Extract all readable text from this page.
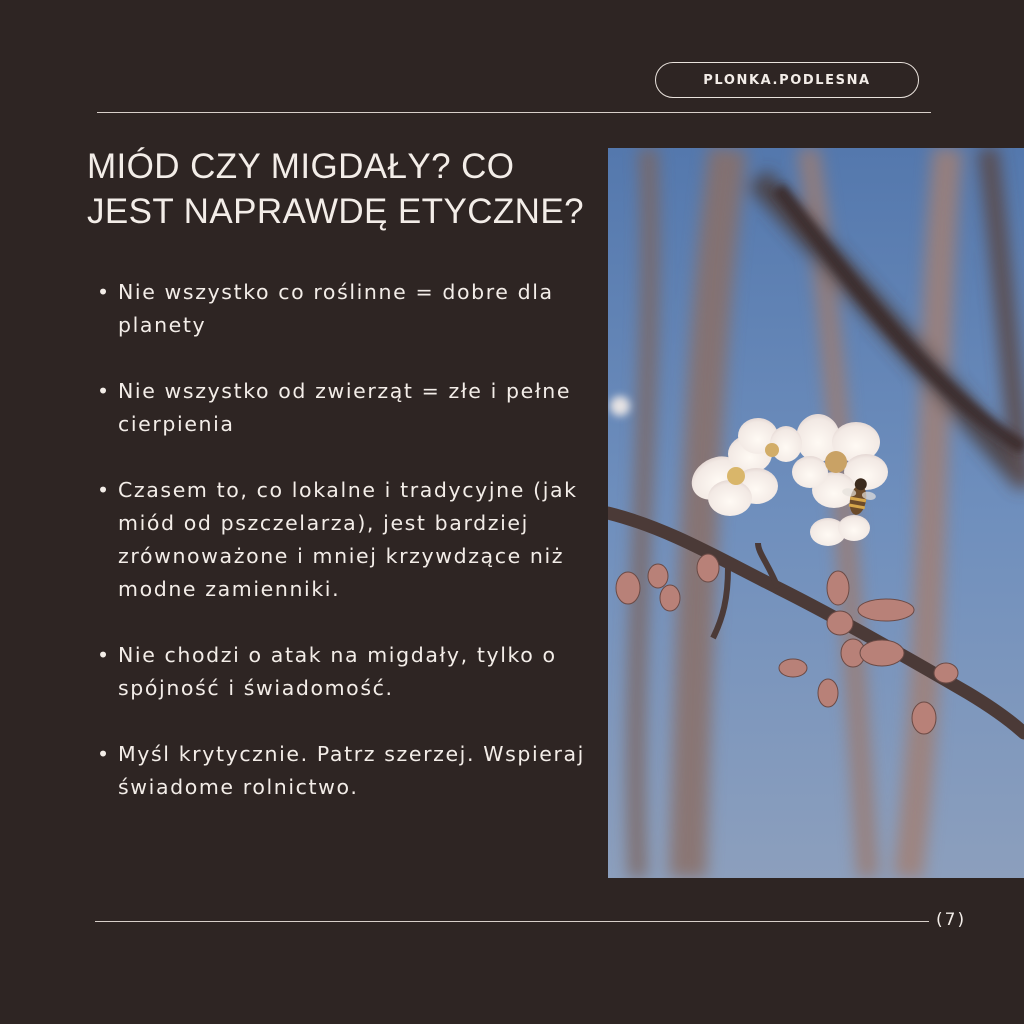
PLONKA.PODLESNA
MIÓD CZY MIGDAŁY? CO JEST NAPRAWDĘ ETYCZNE?
• Nie wszystko co roślinne = dobre dla planety
• Nie wszystko od zwierząt = złe i pełne cierpienia
• Czasem to, co lokalne i tradycyjne (jak miód od pszczelarza), jest bardziej zrównoważone i mniej krzywdzące niż modne zamienniki.
• Nie chodzi o atak na migdały, tylko o spójność i świadomość.
• Myśl krytycznie. Patrz szerzej. Wspieraj świadome rolnictwo.
(7)
